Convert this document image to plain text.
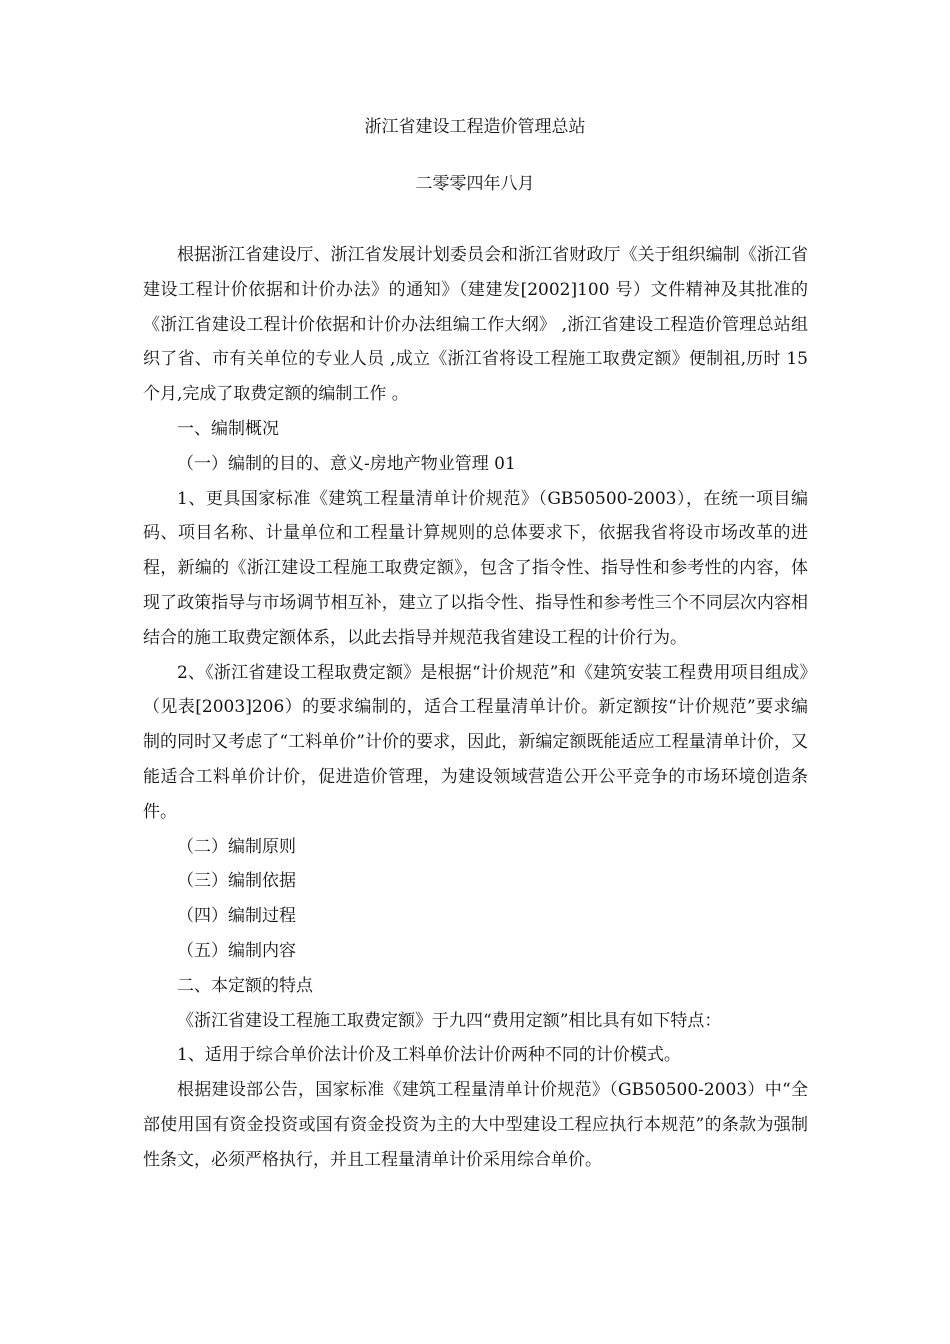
浙江省建设工程造价管理总站
二零零四年八月

根据浙江省建设厅、浙江省发展计划委员会和浙江省财政厅《关于组织编制《浙江省建设工程计价依据和计价办法》的通知》（建建发[2002]100 号）文件精神及其批准的《浙江省建设工程计价依据和计价办法组编工作大纲》 ,浙江省建设工程造价管理总站组织了省、市有关单位的专业人员 ,成立《浙江省将设工程施工取费定额》便制祖,历时 15 个月,完成了取费定额的编制工作 。

一、编制概况

（一）编制的目的、意义-房地产物业管理 01

1、更具国家标准《建筑工程量清单计价规范》（GB50500-2003），在统一项目编码、项目名称、计量单位和工程量计算规则的总体要求下，依据我省将设市场改革的进程，新编的《浙江建设工程施工取费定额》，包含了指令性、指导性和参考性的内容，体现了政策指导与市场调节相互补，建立了以指令性、指导性和参考性三个不同层次内容相结合的施工取费定额体系，以此去指导并规范我省建设工程的计价行为。

2、《浙江省建设工程取费定额》是根据“计价规范”和《建筑安装工程费用项目组成》（见表[2003]206）的要求编制的，适合工程量清单计价。新定额按“计价规范”要求编制的同时又考虑了“工料单价”计价的要求，因此，新编定额既能适应工程量清单计价，又能适合工料单价计价，促进造价管理，为建设领域营造公开公平竞争的市场环境创造条件。

（二）编制原则

（三）编制依据

（四）编制过程

（五）编制内容

二、本定额的特点

《浙江省建设工程施工取费定额》于九四“费用定额”相比具有如下特点：

1、适用于综合单价法计价及工料单价法计价两种不同的计价模式。

根据建设部公告，国家标准《建筑工程量清单计价规范》（GB50500-2003）中“全部使用国有资金投资或国有资金投资为主的大中型建设工程应执行本规范”的条款为强制性条文，必须严格执行，并且工程量清单计价采用综合单价。
